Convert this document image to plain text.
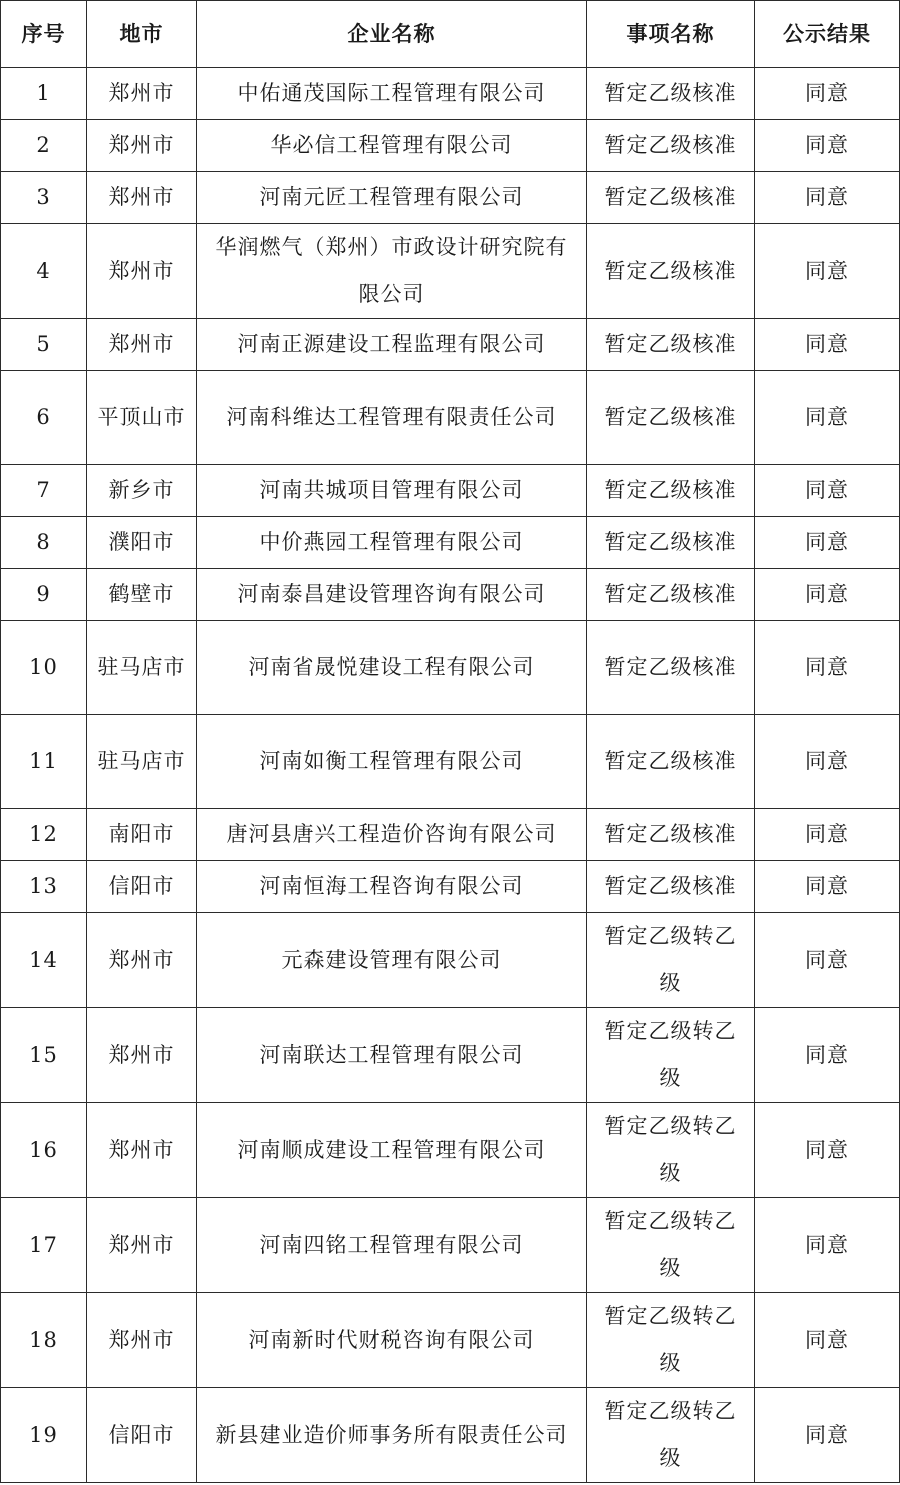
序号	地市	企业名称	事项名称	公示结果
1	郑州市	中佑通茂国际工程管理有限公司	暂定乙级核准	同意
2	郑州市	华必信工程管理有限公司	暂定乙级核准	同意
3	郑州市	河南元匠工程管理有限公司	暂定乙级核准	同意
4	郑州市	华润燃气（郑州）市政设计研究院有限公司	暂定乙级核准	同意
5	郑州市	河南正源建设工程监理有限公司	暂定乙级核准	同意
6	平顶山市	河南科维达工程管理有限责任公司	暂定乙级核准	同意
7	新乡市	河南共城项目管理有限公司	暂定乙级核准	同意
8	濮阳市	中价燕园工程管理有限公司	暂定乙级核准	同意
9	鹤壁市	河南泰昌建设管理咨询有限公司	暂定乙级核准	同意
10	驻马店市	河南省晟悦建设工程有限公司	暂定乙级核准	同意
11	驻马店市	河南如衡工程管理有限公司	暂定乙级核准	同意
12	南阳市	唐河县唐兴工程造价咨询有限公司	暂定乙级核准	同意
13	信阳市	河南恒海工程咨询有限公司	暂定乙级核准	同意
14	郑州市	元森建设管理有限公司	暂定乙级转乙级	同意
15	郑州市	河南联达工程管理有限公司	暂定乙级转乙级	同意
16	郑州市	河南顺成建设工程管理有限公司	暂定乙级转乙级	同意
17	郑州市	河南四铭工程管理有限公司	暂定乙级转乙级	同意
18	郑州市	河南新时代财税咨询有限公司	暂定乙级转乙级	同意
19	信阳市	新县建业造价师事务所有限责任公司	暂定乙级转乙级	同意
